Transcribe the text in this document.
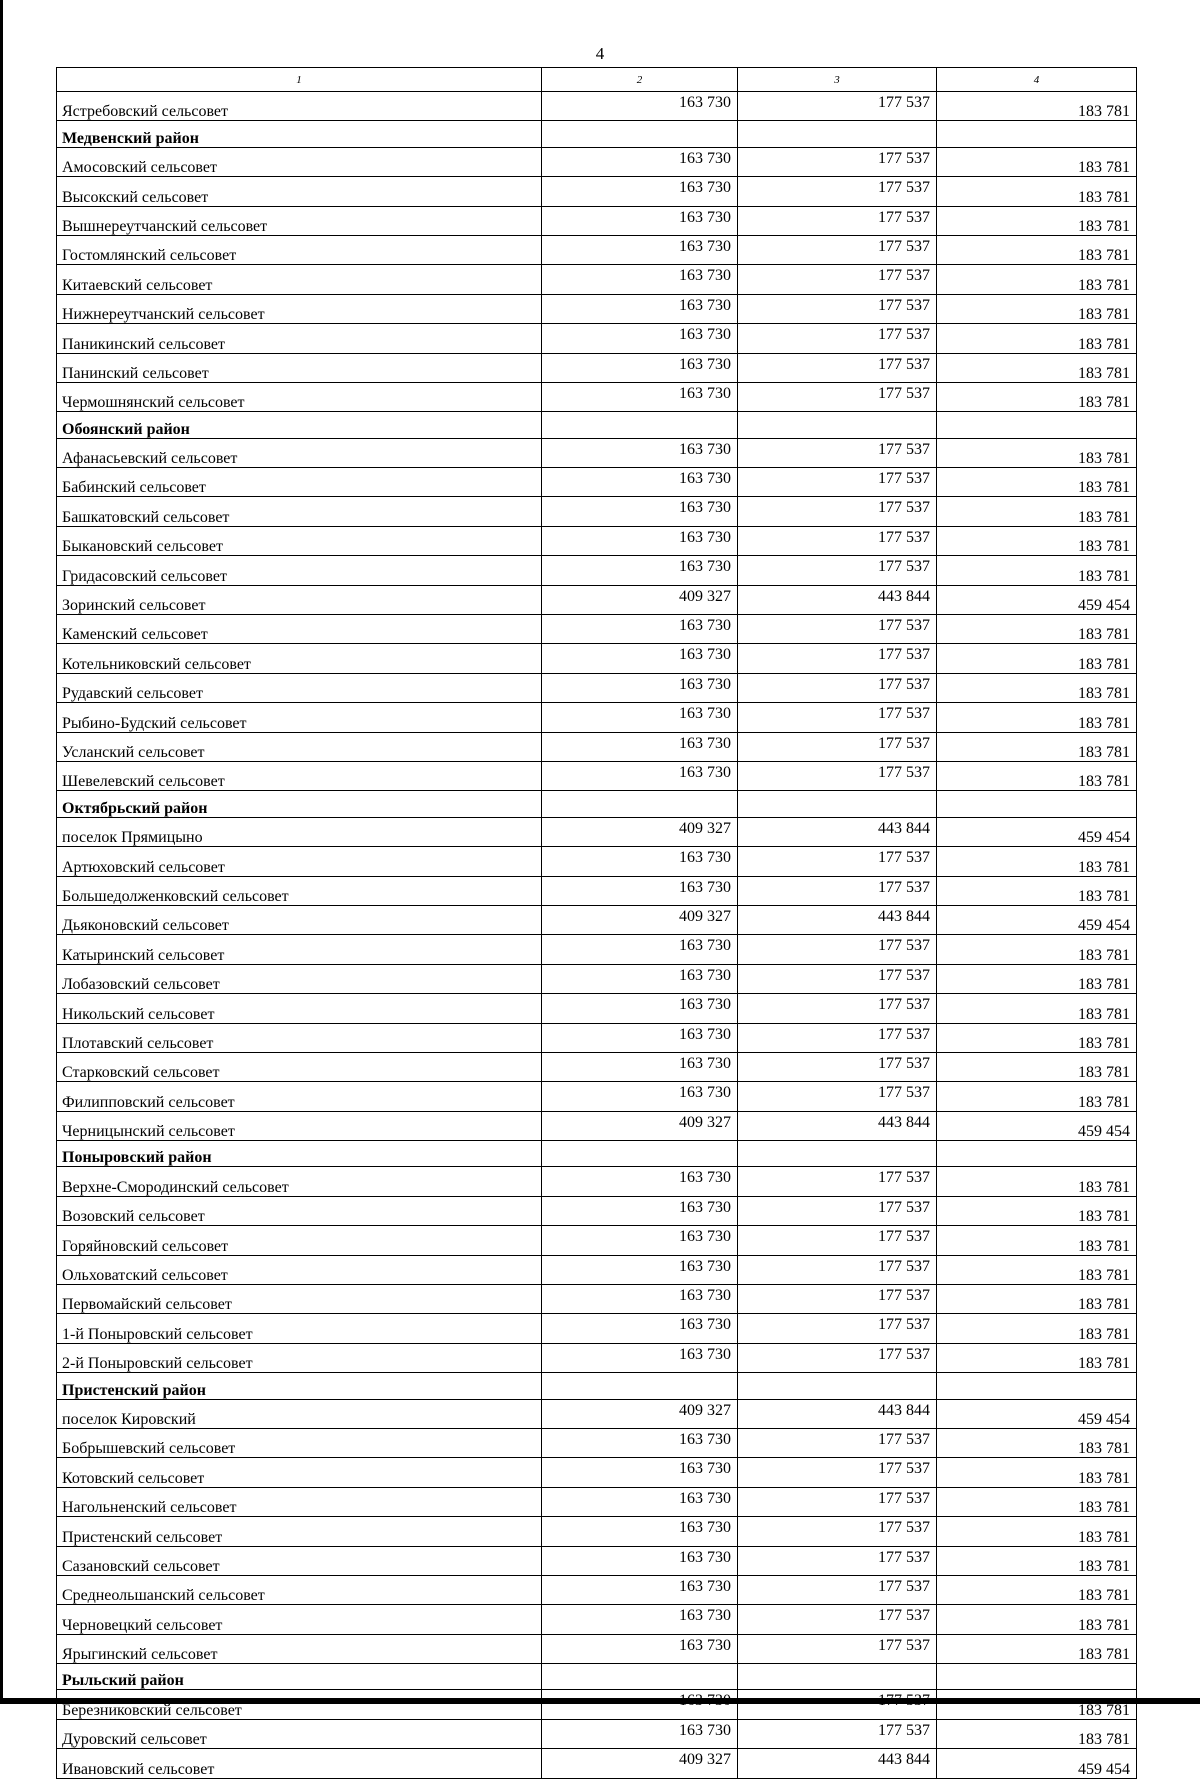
4
1	2	3	4
Ястребовский сельсовет	163 730	177 537	183 781
Медвенский район			
Амосовский сельсовет	163 730	177 537	183 781
Высокский сельсовет	163 730	177 537	183 781
Вышнереутчанский сельсовет	163 730	177 537	183 781
Гостомлянский сельсовет	163 730	177 537	183 781
Китаевский сельсовет	163 730	177 537	183 781
Нижнереутчанский сельсовет	163 730	177 537	183 781
Паникинский сельсовет	163 730	177 537	183 781
Панинский сельсовет	163 730	177 537	183 781
Чермошнянский сельсовет	163 730	177 537	183 781
Обоянский район			
Афанасьевский сельсовет	163 730	177 537	183 781
Бабинский сельсовет	163 730	177 537	183 781
Башкатовский сельсовет	163 730	177 537	183 781
Быкановский сельсовет	163 730	177 537	183 781
Гридасовский сельсовет	163 730	177 537	183 781
Зоринский сельсовет	409 327	443 844	459 454
Каменский сельсовет	163 730	177 537	183 781
Котельниковский сельсовет	163 730	177 537	183 781
Рудавский сельсовет	163 730	177 537	183 781
Рыбино-Будский сельсовет	163 730	177 537	183 781
Усланский сельсовет	163 730	177 537	183 781
Шевелевский сельсовет	163 730	177 537	183 781
Октябрьский район			
поселок Прямицыно	409 327	443 844	459 454
Артюховский сельсовет	163 730	177 537	183 781
Большедолженковский сельсовет	163 730	177 537	183 781
Дьяконовский сельсовет	409 327	443 844	459 454
Катыринский сельсовет	163 730	177 537	183 781
Лобазовский сельсовет	163 730	177 537	183 781
Никольский сельсовет	163 730	177 537	183 781
Плотавский сельсовет	163 730	177 537	183 781
Старковский сельсовет	163 730	177 537	183 781
Филипповский сельсовет	163 730	177 537	183 781
Черницынский сельсовет	409 327	443 844	459 454
Поныровский район			
Верхне-Смородинский сельсовет	163 730	177 537	183 781
Возовский сельсовет	163 730	177 537	183 781
Горяйновский сельсовет	163 730	177 537	183 781
Ольховатский сельсовет	163 730	177 537	183 781
Первомайский сельсовет	163 730	177 537	183 781
1-й Поныровский сельсовет	163 730	177 537	183 781
2-й Поныровский сельсовет	163 730	177 537	183 781
Пристенский район			
поселок Кировский	409 327	443 844	459 454
Бобрышевский сельсовет	163 730	177 537	183 781
Котовский сельсовет	163 730	177 537	183 781
Нагольненский сельсовет	163 730	177 537	183 781
Пристенский сельсовет	163 730	177 537	183 781
Сазановский сельсовет	163 730	177 537	183 781
Среднеольшанский сельсовет	163 730	177 537	183 781
Черновецкий сельсовет	163 730	177 537	183 781
Ярыгинский сельсовет	163 730	177 537	183 781
Рыльский район			
Березниковский сельсовет	163 730	177 537	183 781
Дуровский сельсовет	163 730	177 537	183 781
Ивановский сельсовет	409 327	443 844	459 454
